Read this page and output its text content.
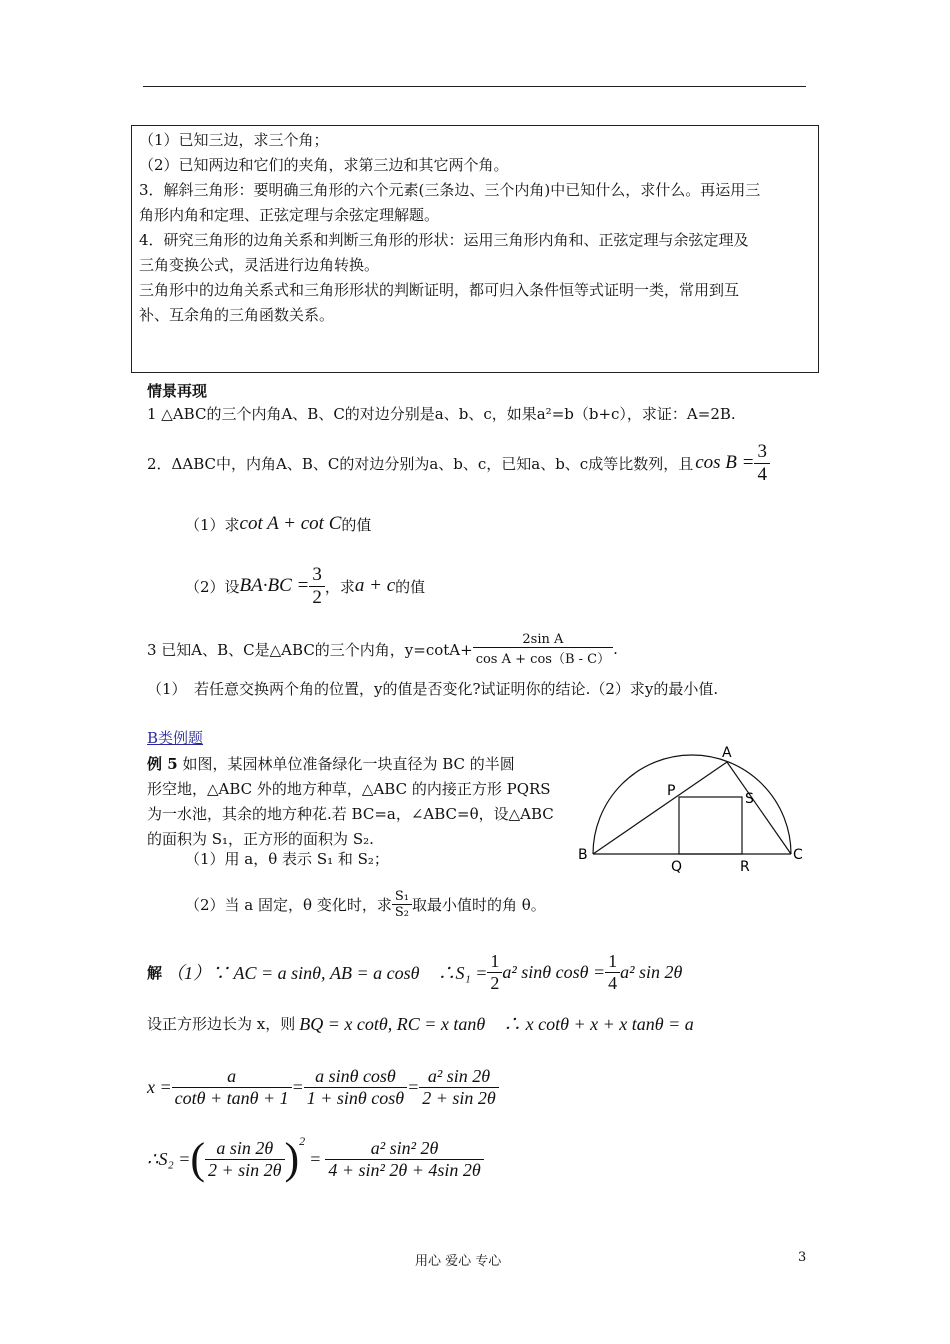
（1）已知三边，求三个角；
（2）已知两边和它们的夹角，求第三边和其它两个角。
3．解斜三角形：要明确三角形的六个元素(三条边、三个内角)中已知什么，求什么。再运用三
角形内角和定理、正弦定理与余弦定理解题。
4．研究三角形的边角关系和判断三角形的形状：运用三角形内角和、正弦定理与余弦定理及
三角变换公式，灵活进行边角转换。
三角形中的边角关系式和三角形形状的判断证明，都可归入条件恒等式证明一类，常用到互
补、互余角的三角函数关系。
情景再现
1 △ABC的三个内角A、B、C的对边分别是a、b、c，如果a²=b（b+c），求证：A=2B.
2．ΔABC中，内角A、B、C的对边分别为a、b、c，已知a、b、c成等比数列，且 $\cos B = \frac{3}{4}$
（1）求 cot A + cot C 的值
（2）设 $BA\cdot BC = \frac{3}{2}$ ，求 a + c 的值
3 已知A、B、C是△ABC的三个内角，$y=\cot A+ \frac{\text{2sin A}}{\text{cos A + cos（B - C）}}$ .
（1）　若任意交换两个角的位置，y的值是否变化?试证明你的结论.（2）求y的最小值.
B类例题
例 5 如图，某园林单位准备绿化一块直径为 BC 的半圆
形空地，△ABC 外的地方种草，△ABC 的内接正方形 PQRS
为一水池，其余的地方种花.若 BC=a，∠ABC=θ，设△ABC
的面积为 S₁，正方形的面积为 S₂.
（1）用 a，θ 表示 S₁ 和 S₂；
（2）当 a 固定，θ 变化时，求 $\frac{\text{S₁}}{\text{S₂}}$ 取最小值时的角 θ。
A
P	S
B
Q	R
C
解 （1）∵ AC = a sinθ, AB = a cosθ　∴S₁ = $\frac{1}{2} a^2$ sinθ $\cos\theta = \frac{1}{4} a^2$ sin 2θ
设正方形边长为 x，则 BQ = x cotθ, RC = x tanθ　∴ x cotθ + x + x tanθ = a
$x = \frac{a}{\cot\theta + \tan\theta + 1} = \frac{\text{a sinθ cosθ}}{\text{1 + sinθ cosθ}} = \frac{\text{a² sin 2θ}}{2 + \sin 2\theta}$
∴S₂ = ( $\frac{\text{a sin 2θ}}{2 + \sin 2\theta} )^2$
= $\frac{\text{a² sin² 2θ}}{\text{4 + sin² 2θ + 4sin 2θ}}$
用心 爱心 专心	3
